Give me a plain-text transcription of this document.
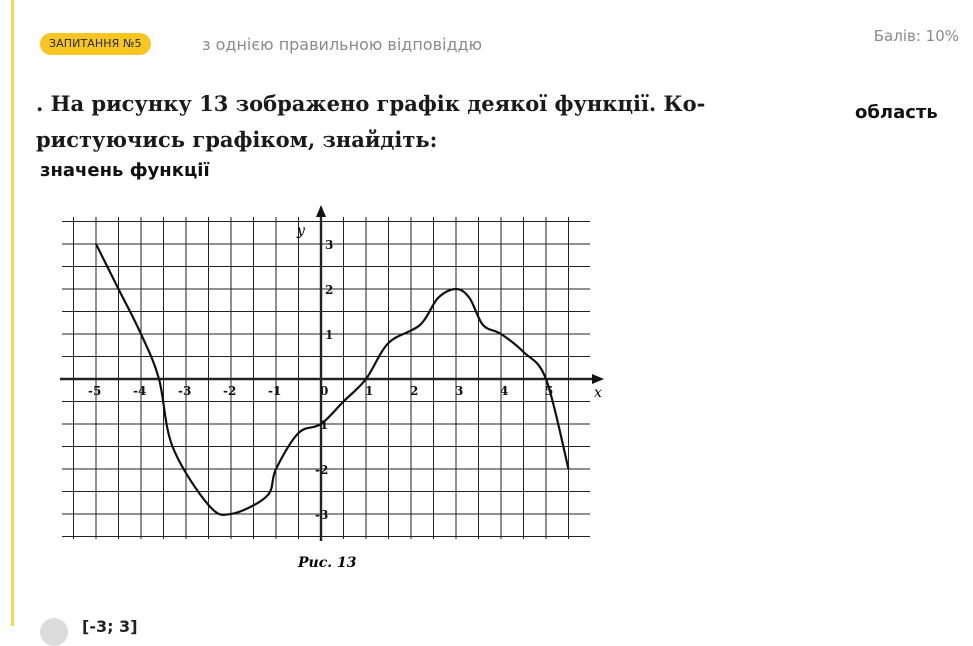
ЗАПИТАННЯ №5	з однією правильною відповіддю	Балів: 10%
. На рисунку 13 зображено графік деякої функції. Ко-
ристуючись графіком, знайдіть:
область
значень функції
-5	-4	-3	-2	-1	0	1	2	3	4	5
3
2
1
-1
-2
-3
x
y
Рис. 13
[-3; 3]
